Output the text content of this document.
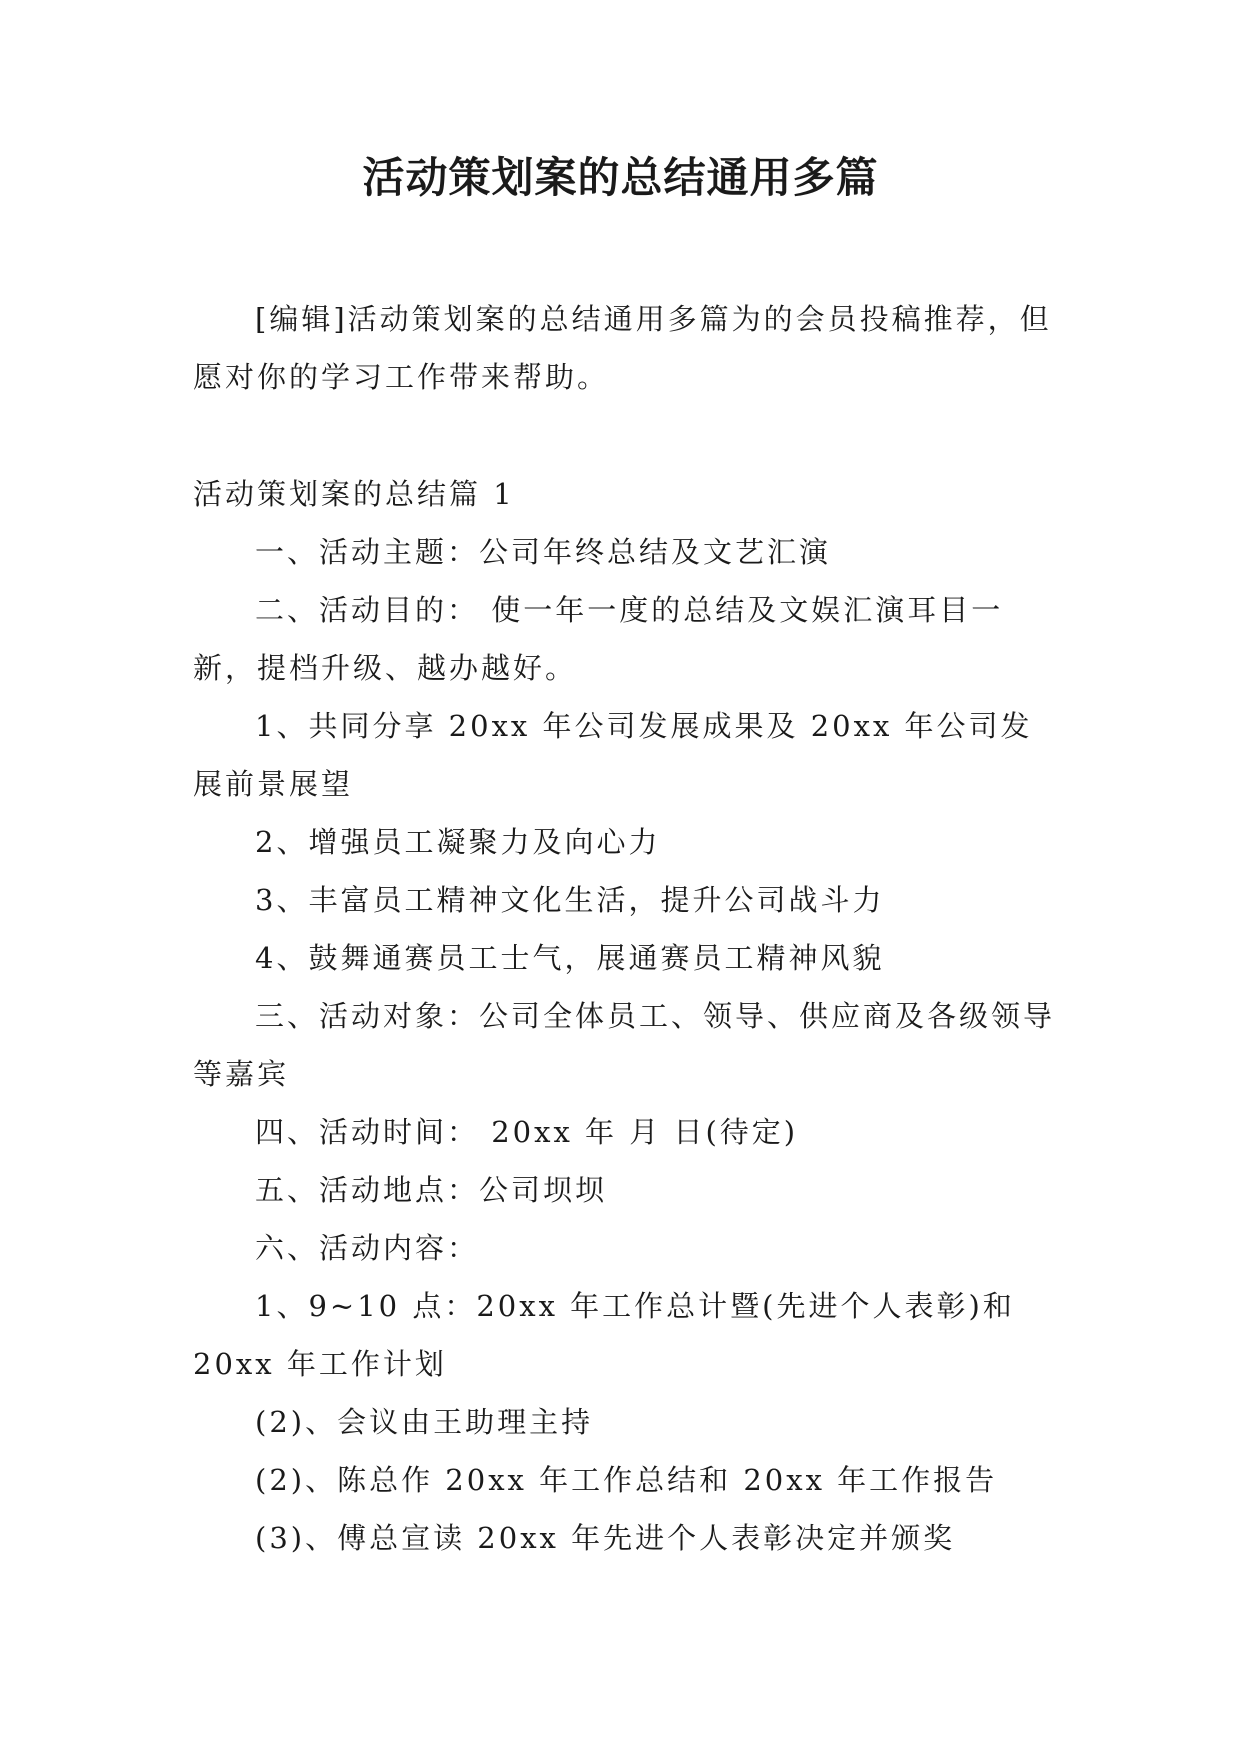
活动策划案的总结通用多篇

[编辑]活动策划案的总结通用多篇为的会员投稿推荐，但愿对你的学习工作带来帮助。

活动策划案的总结篇 1

一、活动主题：公司年终总结及文艺汇演

二、活动目的： 使一年一度的总结及文娱汇演耳目一新，提档升级、越办越好。

1、共同分享 20xx 年公司发展成果及 20xx 年公司发展前景展望

2、增强员工凝聚力及向心力

3、丰富员工精神文化生活，提升公司战斗力

4、鼓舞通赛员工士气，展通赛员工精神风貌

三、活动对象：公司全体员工、领导、供应商及各级领导等嘉宾

四、活动时间： 20xx 年 月 日(待定)

五、活动地点：公司坝坝

六、活动内容：

1、9~10 点：20xx 年工作总计暨(先进个人表彰)和 20xx 年工作计划

(2)、会议由王助理主持

(2)、陈总作 20xx 年工作总结和 20xx 年工作报告

(3)、傅总宣读 20xx 年先进个人表彰决定并颁奖
